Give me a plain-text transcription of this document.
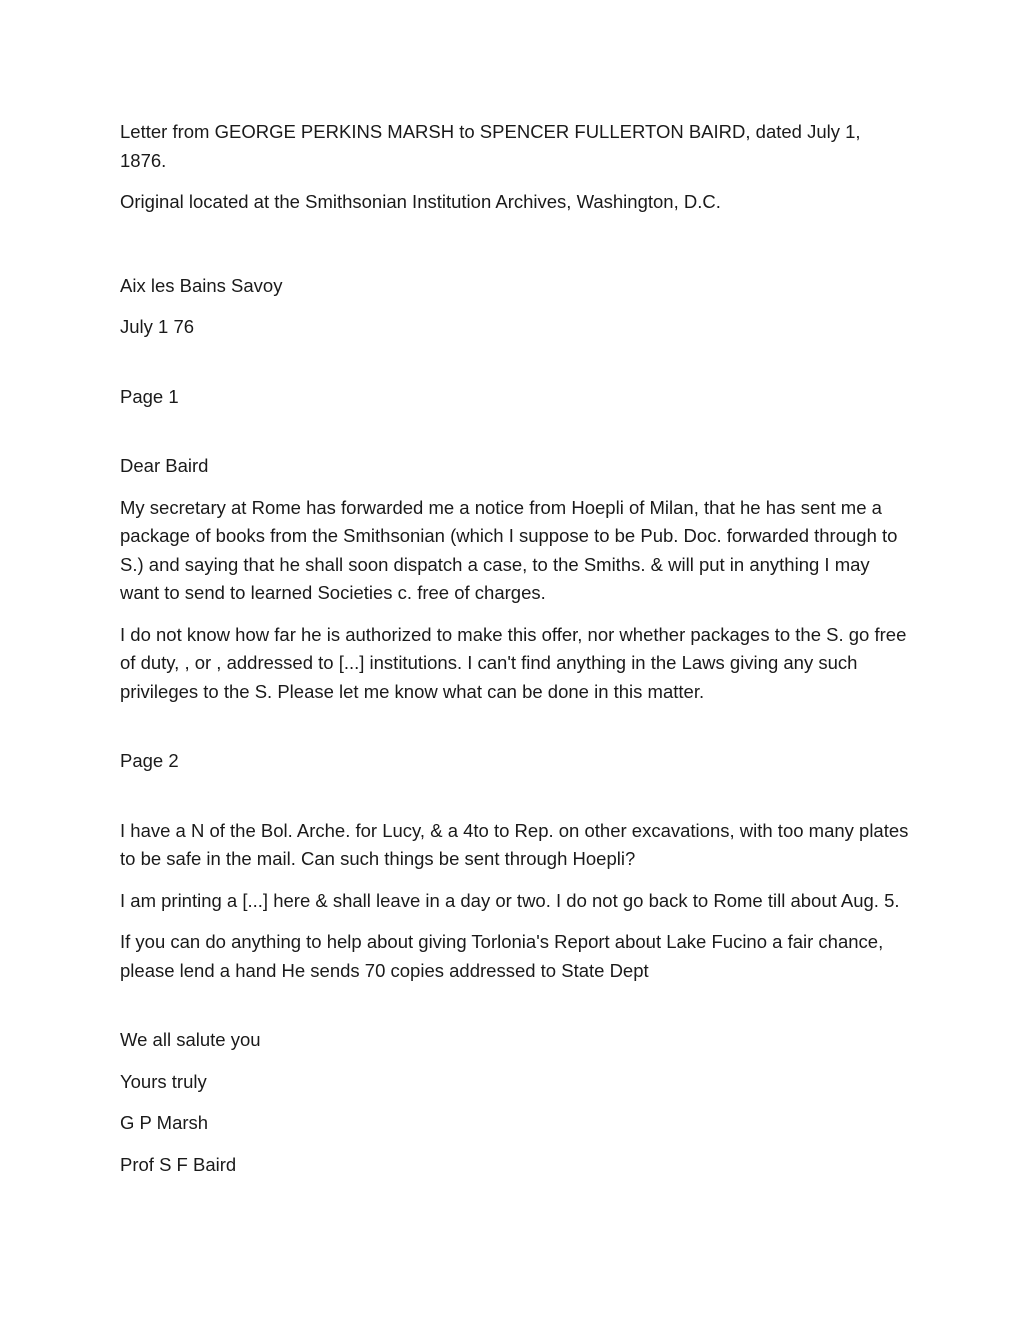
Letter from GEORGE PERKINS MARSH to SPENCER FULLERTON BAIRD, dated July 1, 1876.

Original located at the Smithsonian Institution Archives, Washington, D.C.

Aix les Bains Savoy

July 1 76

Page 1

Dear Baird

My secretary at Rome has forwarded me a notice from Hoepli of Milan, that he has sent me a package of books from the Smithsonian (which I suppose to be Pub. Doc. forwarded through to S.) and saying that he shall soon dispatch a case, to the Smiths. & will put in anything I may want to send to learned Societies c. free of charges.

I do not know how far he is authorized to make this offer, nor whether packages to the S. go free of duty, , or , addressed to [...] institutions. I can't find anything in the Laws giving any such privileges to the S. Please let me know what can be done in this matter.

Page 2

I have a N of the Bol. Arche. for Lucy, & a 4to to Rep. on other excavations, with too many plates to be safe in the mail. Can such things be sent through Hoepli?

I am printing a [...] here & shall leave in a day or two. I do not go back to Rome till about Aug. 5.

If you can do anything to help about giving Torlonia's Report about Lake Fucino a fair chance, please lend a hand He sends 70 copies addressed to State Dept

We all salute you

Yours truly

G P Marsh

Prof S F Baird
